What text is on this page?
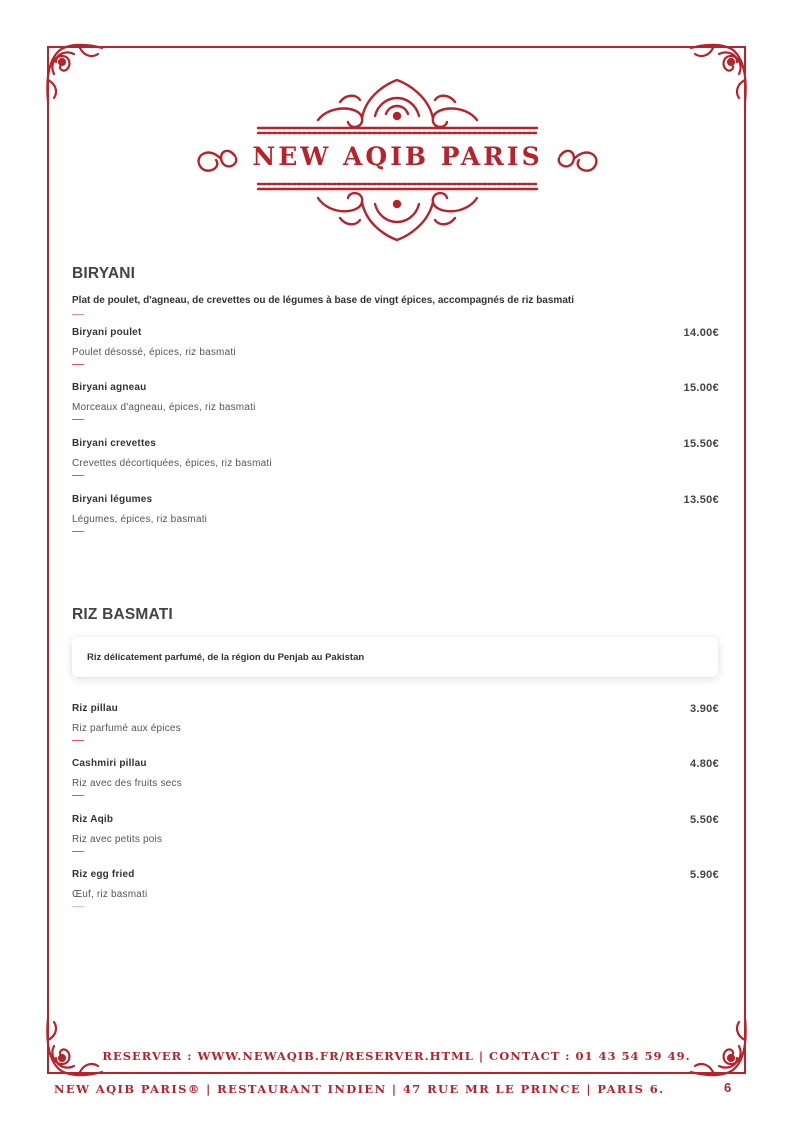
NEW AQIB PARIS
BIRYANI
Plat de poulet, d'agneau, de crevettes ou de légumes à base de vingt épices, accompagnés de riz basmati
Biryani poulet	14.00€
Poulet désossé, épices, riz basmati
Biryani agneau	15.00€
Morceaux d'agneau, épices, riz basmati
Biryani crevettes	15.50€
Crevettes décortiquées, épices, riz basmati
Biryani légumes	13.50€
Légumes, épices, riz basmati
RIZ BASMATI
Riz délicatement parfumé, de la région du Penjab au Pakistan
Riz pillau	3.90€
Riz parfumé aux épices
Cashmiri pillau	4.80€
Riz avec des fruits secs
Riz Aqib	5.50€
Riz avec petits pois
Riz egg fried	5.90€
Œuf, riz basmati
RESERVER : WWW.NEWAQIB.FR/RESERVER.HTML | CONTACT : 01 43 54 59 49.
NEW AQIB PARIS® | RESTAURANT INDIEN | 47 RUE MR LE PRINCE | PARIS 6.	6
